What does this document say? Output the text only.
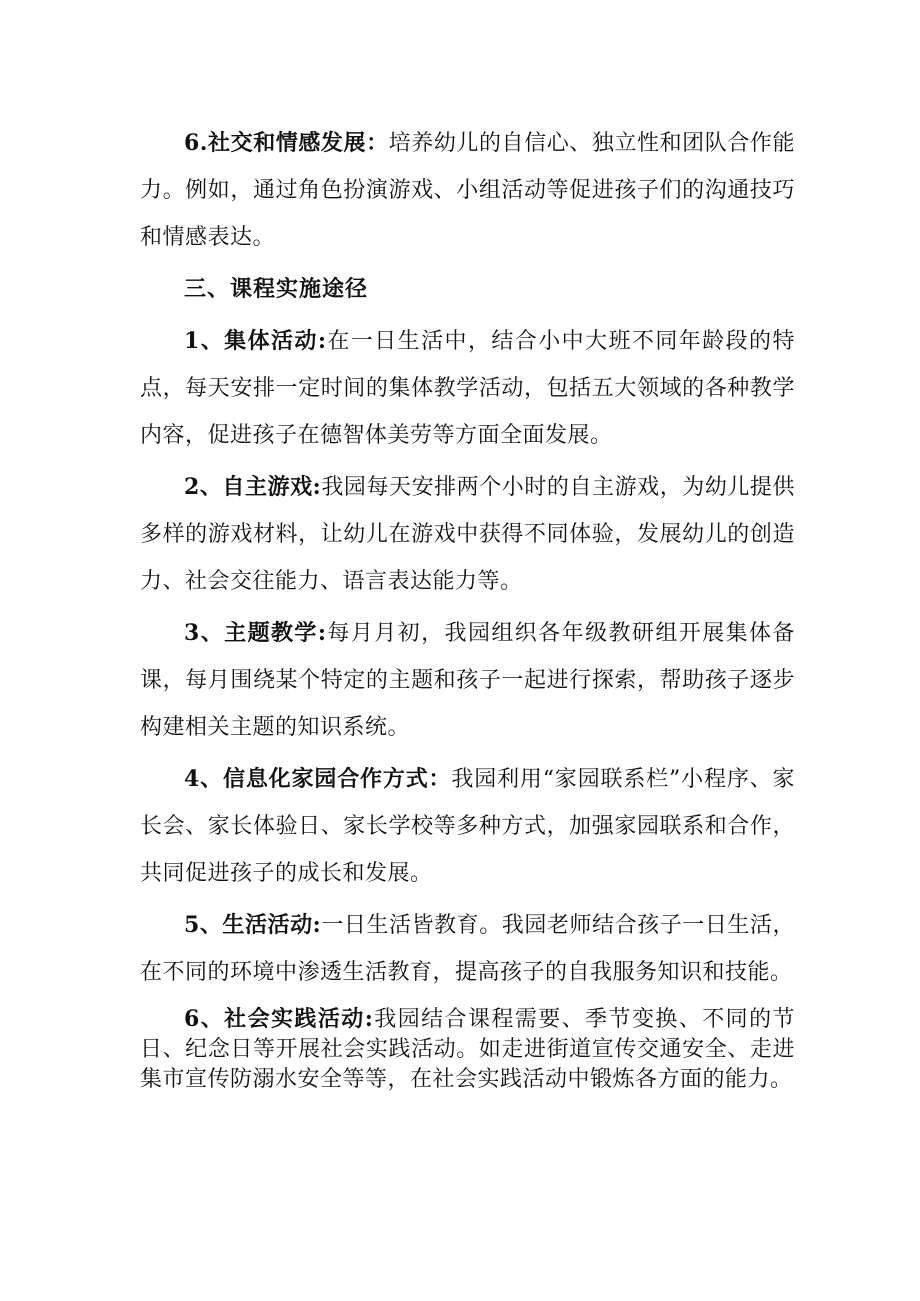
6.社交和情感发展：培养幼儿的自信心、独立性和团队合作能力。例如，通过角色扮演游戏、小组活动等促进孩子们的沟通技巧和情感表达。

三、课程实施途径

1、集体活动:在一日生活中，结合小中大班不同年龄段的特点，每天安排一定时间的集体教学活动，包括五大领域的各种教学内容，促进孩子在德智体美劳等方面全面发展。

2、自主游戏:我园每天安排两个小时的自主游戏，为幼儿提供多样的游戏材料，让幼儿在游戏中获得不同体验，发展幼儿的创造力、社会交往能力、语言表达能力等。

3、主题教学:每月月初，我园组织各年级教研组开展集体备课，每月围绕某个特定的主题和孩子一起进行探索，帮助孩子逐步构建相关主题的知识系统。

4、信息化家园合作方式：我园利用“家园联系栏”小程序、家长会、家长体验日、家长学校等多种方式，加强家园联系和合作，共同促进孩子的成长和发展。

5、生活活动:一日生活皆教育。我园老师结合孩子一日生活，在不同的环境中渗透生活教育，提高孩子的自我服务知识和技能。

6、社会实践活动:我园结合课程需要、季节变换、不同的节日、纪念日等开展社会实践活动。如走进街道宣传交通安全、走进集市宣传防溺水安全等等，在社会实践活动中锻炼各方面的能力。
